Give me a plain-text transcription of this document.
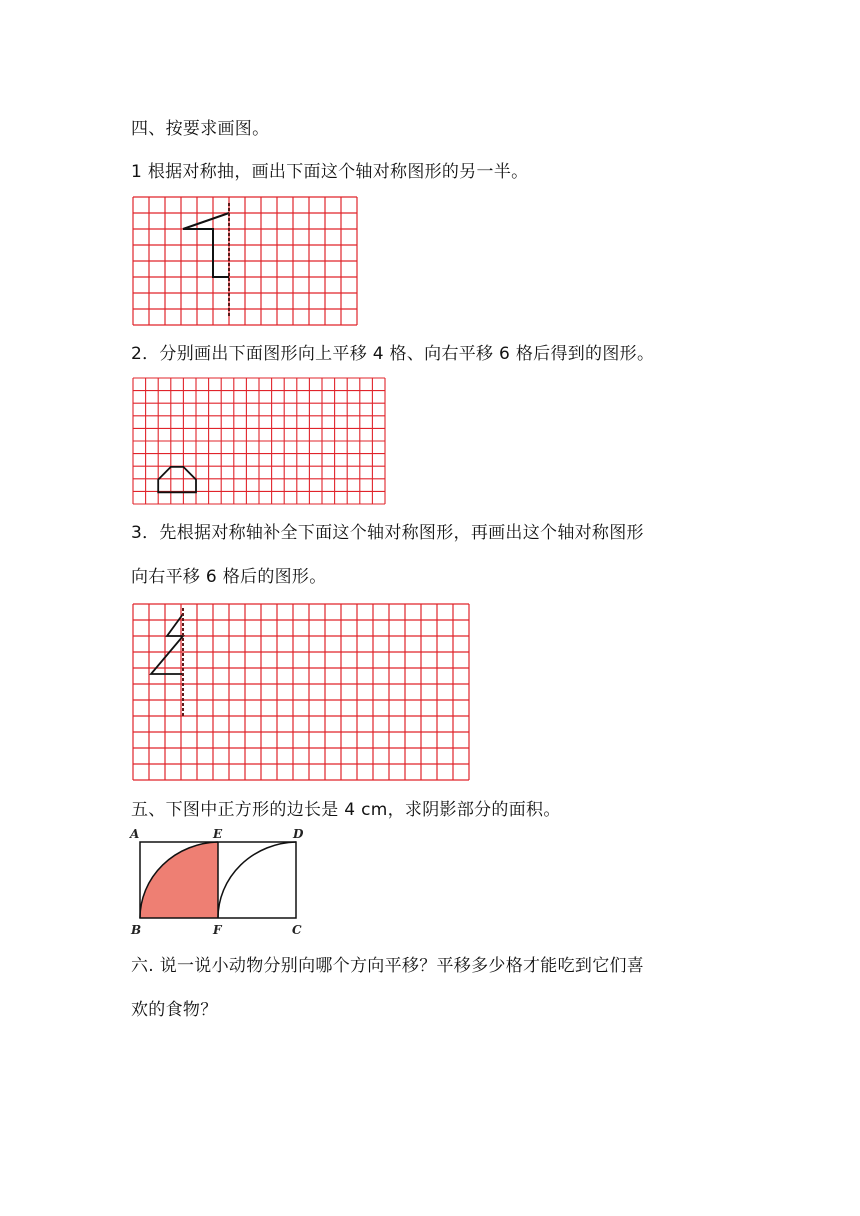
四、按要求画图。
1 根据对称抽，画出下面这个轴对称图形的另一半。
2．分别画出下面图形向上平移 4 格、向右平移 6 格后得到的图形。
3．先根据对称轴补全下面这个轴对称图形，再画出这个轴对称图形
向右平移 6 格后的图形。
五、下图中正方形的边长是 4 cm，求阴影部分的面积。
A	E	D
B	F	C
六. 说一说小动物分别向哪个方向平移？平移多少格才能吃到它们喜
欢的食物？
